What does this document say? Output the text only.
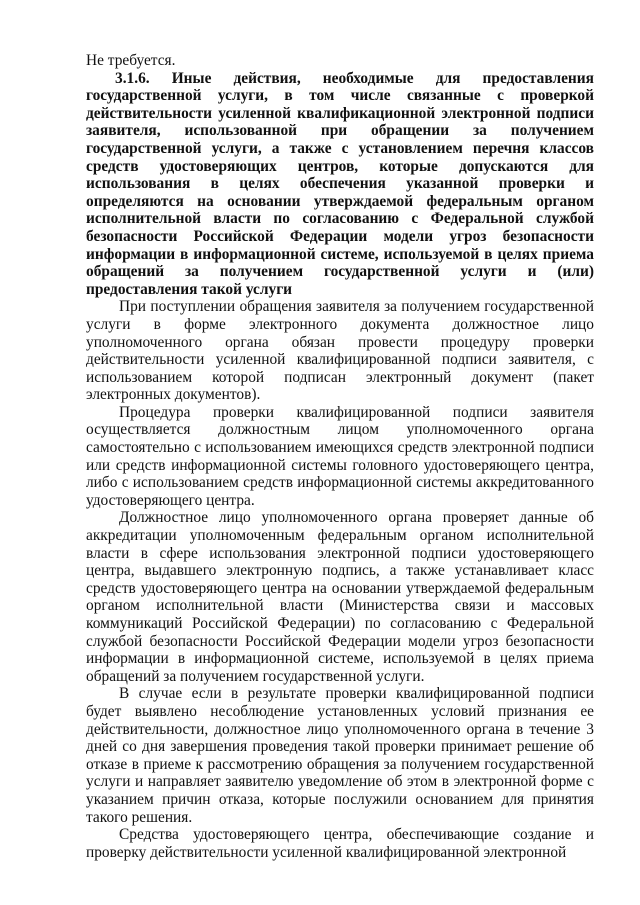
Не требуется.

3.1.6. Иные действия, необходимые для предоставления государственной услуги, в том числе связанные с проверкой действительности усиленной квалификационной электронной подписи заявителя, использованной при обращении за получением государственной услуги, а также с установлением перечня классов средств удостоверяющих центров, которые допускаются для использования в целях обеспечения указанной проверки и определяются на основании утверждаемой федеральным органом исполнительной власти по согласованию с Федеральной службой безопасности Российской Федерации модели угроз безопасности информации в информационной системе, используемой в целях приема обращений за получением государственной услуги и (или) предоставления такой услуги

При поступлении обращения заявителя за получением государственной услуги в форме электронного документа должностное лицо уполномоченного органа обязан провести процедуру проверки действительности усиленной квалифицированной подписи заявителя, с использованием которой подписан электронный документ (пакет электронных документов).

Процедура проверки квалифицированной подписи заявителя осуществляется должностным лицом уполномоченного органа самостоятельно с использованием имеющихся средств электронной подписи или средств информационной системы головного удостоверяющего центра, либо с использованием средств информационной системы аккредитованного удостоверяющего центра.

Должностное лицо уполномоченного органа проверяет данные об аккредитации уполномоченным федеральным органом исполнительной власти в сфере использования электронной подписи удостоверяющего центра, выдавшего электронную подпись, а также устанавливает класс средств удостоверяющего центра на основании утверждаемой федеральным органом исполнительной власти (Министерства связи и массовых коммуникаций Российской Федерации) по согласованию с Федеральной службой безопасности Российской Федерации модели угроз безопасности информации в информационной системе, используемой в целях приема обращений за получением государственной услуги.

В случае если в результате проверки квалифицированной подписи будет выявлено несоблюдение установленных условий признания ее действительности, должностное лицо уполномоченного органа в течение 3 дней со дня завершения проведения такой проверки принимает решение об отказе в приеме к рассмотрению обращения за получением государственной услуги и направляет заявителю уведомление об этом в электронной форме с указанием причин отказа, которые послужили основанием для принятия такого решения.

Средства удостоверяющего центра, обеспечивающие создание и проверку действительности усиленной квалифицированной электронной
